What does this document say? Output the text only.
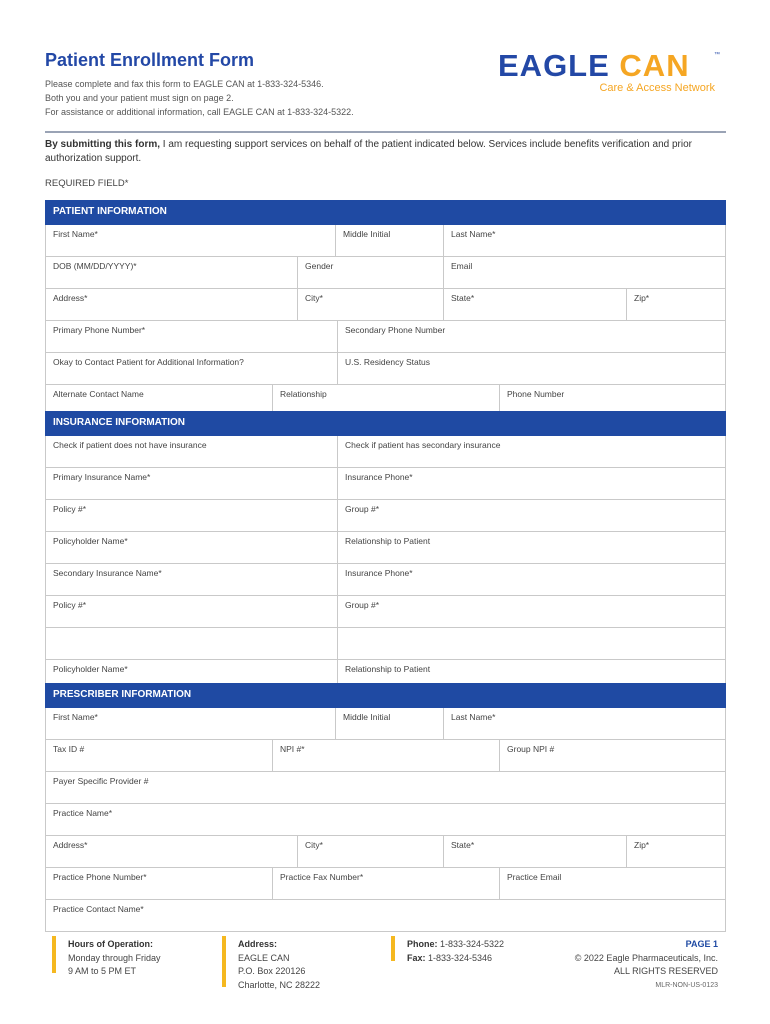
Patient Enrollment Form
Please complete and fax this form to EAGLE CAN at 1-833-324-5346.
Both you and your patient must sign on page 2.
For assistance or additional information, call EAGLE CAN at 1-833-324-5322.
EAGLE CAN	™
Care & Access Network
By submitting this form, I am requesting support services on behalf of the patient indicated below. Services include benefits verification and prior authorization support.
REQUIRED FIELD*
PATIENT INFORMATION
First Name*	Middle Initial	Last Name*
DOB (MM/DD/YYYY)*	Gender	Email
Address*	City*	State*	Zip*
Primary Phone Number*	Secondary Phone Number
Okay to Contact Patient for Additional Information?	U.S. Residency Status
Alternate Contact Name	Relationship	Phone Number
INSURANCE INFORMATION
Check if patient does not have insurance	Check if patient has secondary insurance
Primary Insurance Name*	Insurance Phone*
Policy #*	Group #*
Policyholder Name*	Relationship to Patient
Secondary Insurance Name*	Insurance Phone*
Policy #*	Group #*
Policyholder Name*	Relationship to Patient
PRESCRIBER INFORMATION
First Name*	Middle Initial	Last Name*
Tax ID #	NPI #*	Group NPI #
Payer Specific Provider #
Practice Name*
Address*	City*	State*	Zip*
Practice Phone Number*	Practice Fax Number*	Practice Email
Practice Contact Name*
Hours of Operation:
Monday through Friday
9 AM to 5 PM ET
Address:
EAGLE CAN
P.O. Box 220126
Charlotte, NC 28222
Phone: 1-833-324-5322
Fax: 1-833-324-5346
PAGE 1
© 2022 Eagle Pharmaceuticals, Inc.
ALL RIGHTS RESERVED
MLR-NON-US-0123
